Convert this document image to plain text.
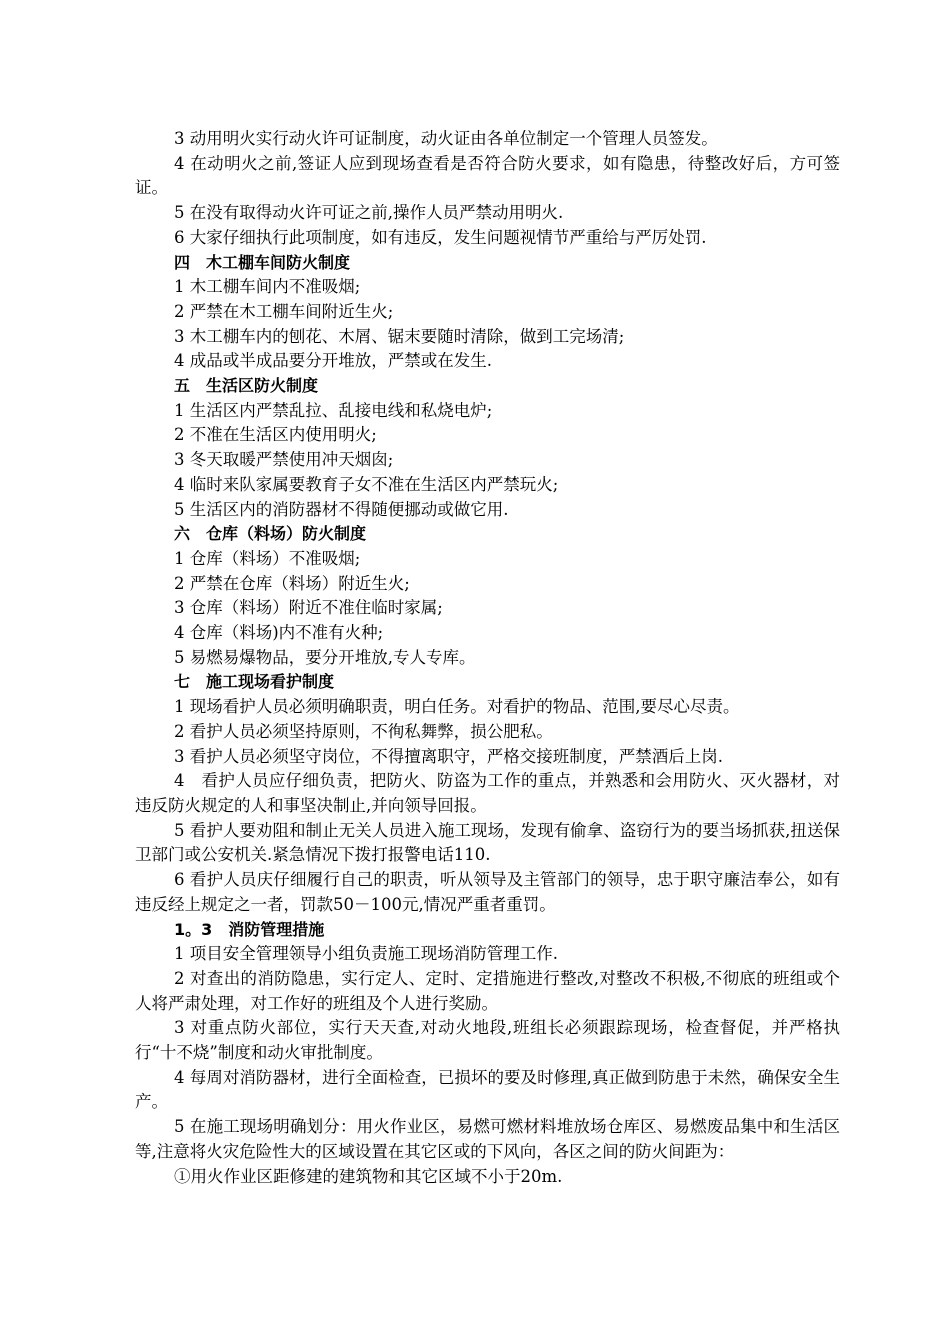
3 动用明火实行动火许可证制度，动火证由各单位制定一个管理人员签发。

4 在动明火之前,签证人应到现场查看是否符合防火要求，如有隐患，待整改好后，方可签证。

5 在没有取得动火许可证之前,操作人员严禁动用明火.

6 大家仔细执行此项制度，如有违反，发生问题视情节严重给与严厉处罚.

四　木工棚车间防火制度

1 木工棚车间内不准吸烟;

2 严禁在木工棚车间附近生火;

3 木工棚车内的刨花、木屑、锯末要随时清除，做到工完场清;

4 成品或半成品要分开堆放，严禁或在发生.

五　生活区防火制度

1 生活区内严禁乱拉、乱接电线和私烧电炉;

2 不准在生活区内使用明火;

3 冬天取暖严禁使用冲天烟囱;

4 临时来队家属要教育子女不准在生活区内严禁玩火;

5 生活区内的消防器材不得随便挪动或做它用.

六　仓库（料场）防火制度

1 仓库（料场）不准吸烟;

2 严禁在仓库（料场）附近生火;

3 仓库（料场）附近不准住临时家属;

4 仓库（料场)内不准有火种;

5 易燃易爆物品，要分开堆放,专人专库。

七　施工现场看护制度

1 现场看护人员必须明确职责，明白任务。对看护的物品、范围,要尽心尽责。

2 看护人员必须坚持原则，不徇私舞弊，损公肥私。

3 看护人员必须坚守岗位，不得擅离职守，严格交接班制度，严禁酒后上岗.

4　看护人员应仔细负责，把防火、防盗为工作的重点，并熟悉和会用防火、灭火器材，对违反防火规定的人和事坚决制止,并向领导回报。

5 看护人要劝阻和制止无关人员进入施工现场，发现有偷拿、盗窃行为的要当场抓获,扭送保卫部门或公安机关.紧急情况下拨打报警电话110.

6 看护人员庆仔细履行自己的职责，听从领导及主管部门的领导，忠于职守廉洁奉公，如有违反经上规定之一者，罚款50－100元,情况严重者重罚。

1。3　消防管理措施

1 项目安全管理领导小组负责施工现场消防管理工作.

2 对查出的消防隐患，实行定人、定时、定措施进行整改,对整改不积极,不彻底的班组或个人将严肃处理，对工作好的班组及个人进行奖励。

3 对重点防火部位，实行天天查,对动火地段,班组长必须跟踪现场，检查督促，并严格执行“十不烧”制度和动火审批制度。

4 每周对消防器材，进行全面检查，已损坏的要及时修理,真正做到防患于未然，确保安全生产。

5 在施工现场明确划分：用火作业区，易燃可燃材料堆放场仓库区、易燃废品集中和生活区等,注意将火灾危险性大的区域设置在其它区或的下风向，各区之间的防火间距为：

①用火作业区距修建的建筑物和其它区域不小于20m.
